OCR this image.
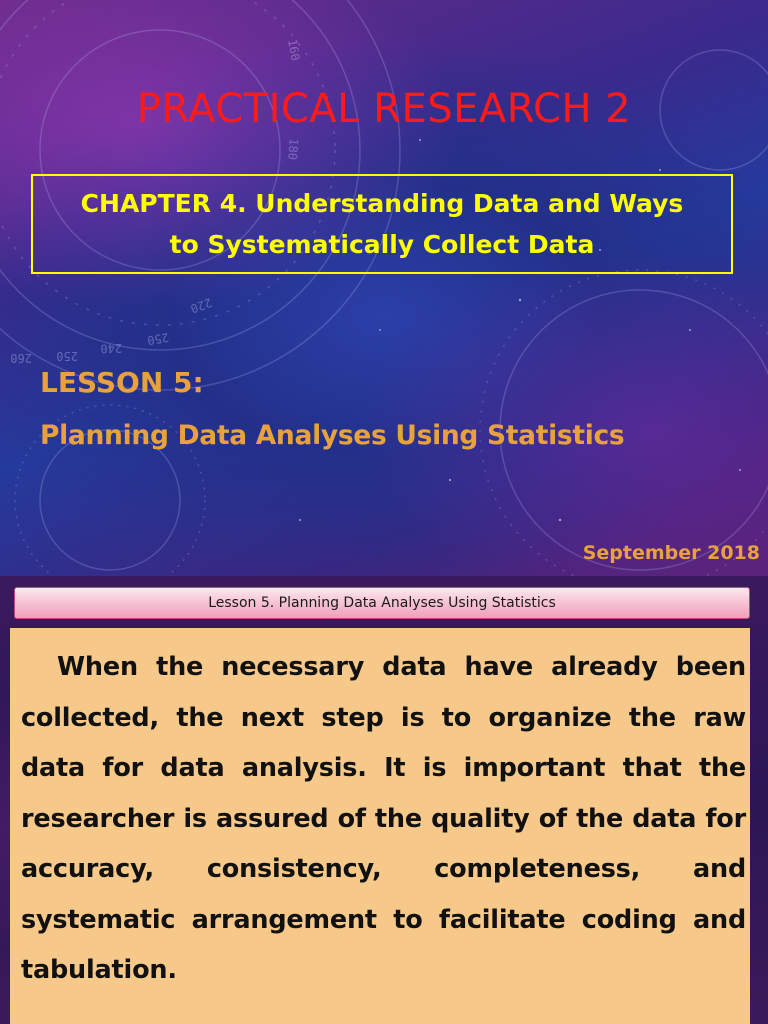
160
180
220
250
240
250
260
PRACTICAL RESEARCH 2
CHAPTER 4. Understanding Data and Ways
to Systematically Collect Data
LESSON 5:
Planning Data Analyses Using Statistics
September 2018
Lesson 5. Planning Data Analyses Using Statistics

When the necessary data have already been collected, the next step is to organize the raw data for data analysis. It is important that the researcher is assured of the quality of the data for accuracy, consistency, completeness, and systematic arrangement to facilitate coding and tabulation.
